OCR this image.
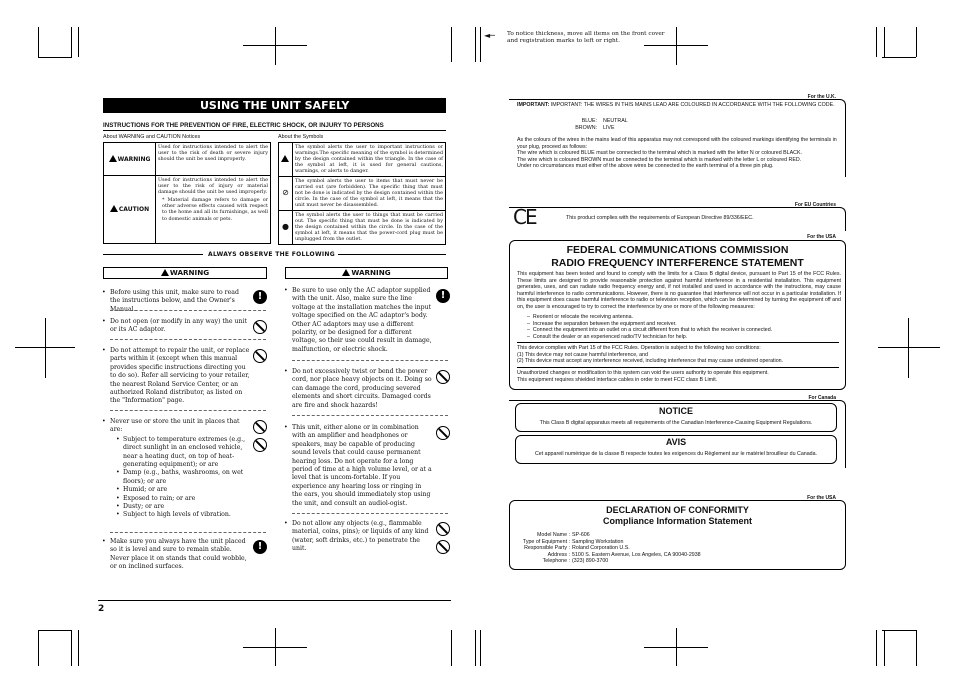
◄─ To notice thickness, move all items on the front cover
and registration marks to left or right.
USING THE UNIT SAFELY
INSTRUCTIONS FOR THE PREVENTION OF FIRE, ELECTRIC SHOCK, OR INJURY TO PERSONS
About WARNING and CAUTION Notices	About the Symbols
WARNING	Used for instructions intended to alert the user to the risk of death or severe injury should the unit be used improperly.
CAUTION	Used for instructions intended to alert the user to the risk of injury or material damage should the unit be used improperly.
* Material damage refers to damage or other adverse effects caused with respect to the home and all its furnishings, as well to domestic animals or pets.
	The symbol alerts the user to important instructions or warnings.The specific meaning of the symbol is determined by the design contained within the triangle. In the case of the symbol at left, it is used for general cautions, warnings, or alerts to danger.
⊘	The symbol alerts the user to items that must never be carried out (are forbidden). The specific thing that must not be done is indicated by the design contained within the circle. In the case of the symbol at left, it means that the unit must never be disassembled.
●	The symbol alerts the user to things that must be carried out. The specific thing that must be done is indicated by the design contained within the circle. In the case of the symbol at left, it means that the power-cord plug must be unplugged from the outlet.
ALWAYS OBSERVE THE FOLLOWING
WARNING	WARNING
• Before using this unit, make sure to read the instructions below, and the Owner's Manual.
!
• Do not open (or modify in any way) the unit or its AC adaptor.
• Do not attempt to repair the unit, or replace parts within it (except when this manual provides specific instructions directing you to do so). Refer all servicing to your retailer, the nearest Roland Service Center, or an authorized Roland distributor, as listed on the "Information" page.
• Never use or store the unit in places that are:
• Subject to temperature extremes (e.g., direct sunlight in an enclosed vehicle, near a heating duct, on top of heat-generating equipment); or are
• Damp (e.g., baths, washrooms, on wet floors); or are
• Humid; or are
• Exposed to rain; or are
• Dusty; or are
• Subject to high levels of vibration.
• Make sure you always have the unit placed so it is level and sure to remain stable. Never place it on stands that could wobble, or on inclined surfaces.
!
• Be sure to use only the AC adaptor supplied with the unit. Also, make sure the line voltage at the installation matches the input voltage specified on the AC adaptor's body. Other AC adaptors may use a different polarity, or be designed for a different voltage, so their use could result in damage, malfunction, or electric shock.
!
• Do not excessively twist or bend the power cord, nor place heavy objects on it. Doing so can damage the cord, producing severed elements and short circuits. Damaged cords are fire and shock hazards!
• This unit, either alone or in combination with an amplifier and headphones or speakers, may be capable of producing sound levels that could cause permanent hearing loss. Do not operate for a long period of time at a high volume level, or at a level that is uncom-fortable. If you experience any hearing loss or ringing in the ears, you should immediately stop using the unit, and consult an audiol-ogist.
• Do not allow any objects (e.g., flammable material, coins, pins); or liquids of any kind (water, soft drinks, etc.) to penetrate the unit.
2
For the U.K.
IMPORTANT: IMPORTANT: THE WIRES IN THIS MAINS LEAD ARE COLOURED IN ACCORDANCE WITH THE FOLLOWING CODE.
BLUE:	NEUTRAL
BROWN:	LIVE
As the colours of the wires in the mains lead of this apparatus may not correspond with the coloured markings identifying the terminals in your plug, proceed as follows:
The wire which is coloured BLUE must be connected to the terminal which is marked with the letter N or coloured BLACK.
The wire which is coloured BROWN must be connected to the terminal which is marked with the letter L or coloured RED.
Under no circumstances must either of the above wires be connected to the earth terminal of a three pin plug.
For EU Countries
CE	This product complies with the requirements of European Directive 89/336/EEC.
For the USA
FEDERAL COMMUNICATIONS COMMISSION
RADIO FREQUENCY INTERFERENCE STATEMENT
This equipment has been tested and found to comply with the limits for a Class B digital device, pursuant to Part 15 of the FCC Rules. These limits are designed to provide reasonable protection against harmful interference in a residential installation. This equipment generates, uses, and can radiate radio frequency energy and, if not installed and used in accordance with the instructions, may cause harmful interference to radio communications. However, there is no guarantee that interference will not occur in a particular installation. If this equipment does cause harmful interference to radio or television reception, which can be determined by turning the equipment off and on, the user is encouraged to try to correct the interference by one or more of the following measures:
–  Reorient or relocate the receiving antenna.
–  Increase the separation between the equipment and receiver.
–  Connect the equipment into an outlet on a circuit different from that to which the receiver is connected.
–  Consult the dealer or an experienced radio/TV technician for help.
This device complies with Part 15 of the FCC Rules. Operation is subject to the following two conditions:
(1) This device may not cause harmful interference, and
(2) This device must accept any interference received, including interference that may cause undesired operation.
Unauthorized changes or modification to this system can void the users authority to operate this equipment.
This equipment requires shielded interface cables in order to meet FCC class B Limit.
For Canada
NOTICE
This Class B digital apparatus meets all requirements of the Canadian Interference-Causing Equipment Regulations.
AVIS
Cet appareil numérique de la classe B respecte toutes les exigences du Règlement sur le matériel brouilleur du Canada.
For the USA
DECLARATION OF CONFORMITY
Compliance Information Statement
Model Name : SP-606
Type of Equipment : Sampling Workstation
Responsible Party : Roland Corporation U.S.
Address : 5100 S. Eastern Avenue, Los Angeles, CA 90040-2938
Telephone : (323) 890-3700
